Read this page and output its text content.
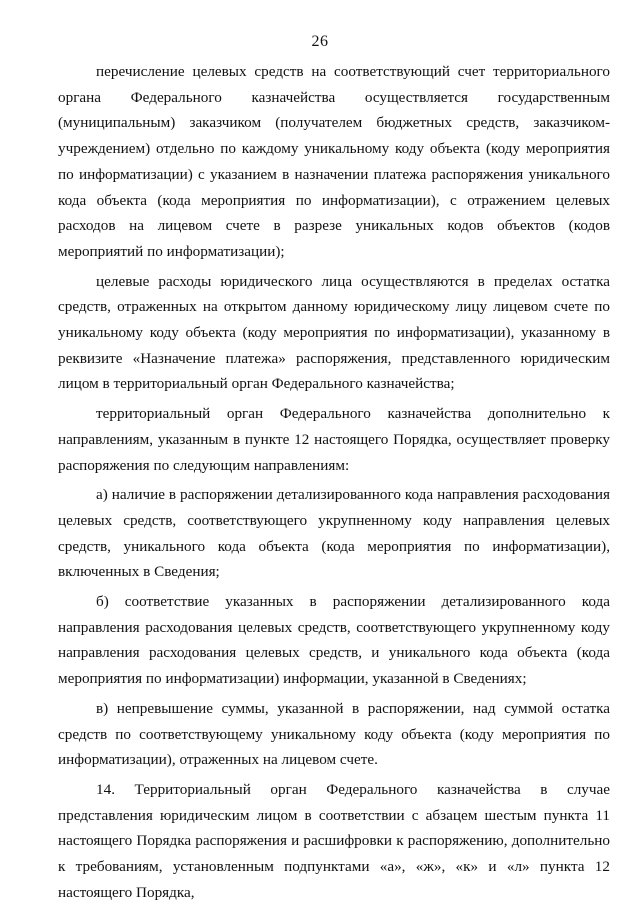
26

перечисление целевых средств на соответствующий счет территориального органа Федерального казначейства осуществляется государственным (муниципальным) заказчиком (получателем бюджетных средств, заказчиком-учреждением) отдельно по каждому уникальному коду объекта (коду мероприятия по информатизации) с указанием в назначении платежа распоряжения уникального кода объекта (кода мероприятия по информатизации), с отражением целевых расходов на лицевом счете в разрезе уникальных кодов объектов (кодов мероприятий по информатизации);

целевые расходы юридического лица осуществляются в пределах остатка средств, отраженных на открытом данному юридическому лицу лицевом счете по уникальному коду объекта (коду мероприятия по информатизации), указанному в реквизите «Назначение платежа» распоряжения, представленного юридическим лицом в территориальный орган Федерального казначейства;

территориальный орган Федерального казначейства дополнительно к направлениям, указанным в пункте 12 настоящего Порядка, осуществляет проверку распоряжения по следующим направлениям:

а) наличие в распоряжении детализированного кода направления расходования целевых средств, соответствующего укрупненному коду направления целевых средств, уникального кода объекта (кода мероприятия по информатизации), включенных в Сведения;

б) соответствие указанных в распоряжении детализированного кода направления расходования целевых средств, соответствующего укрупненному коду направления расходования целевых средств, и уникального кода объекта (кода мероприятия по информатизации) информации, указанной в Сведениях;

в) непревышение суммы, указанной в распоряжении, над суммой остатка средств по соответствующему уникальному коду объекта (коду мероприятия по информатизации), отраженных на лицевом счете.

14. Территориальный орган Федерального казначейства в случае представления юридическим лицом в соответствии с абзацем шестым пункта 11 настоящего Порядка распоряжения и расшифровки к распоряжению, дополнительно к требованиям, установленным подпунктами «а», «ж», «к» и «л» пункта 12 настоящего Порядка,
